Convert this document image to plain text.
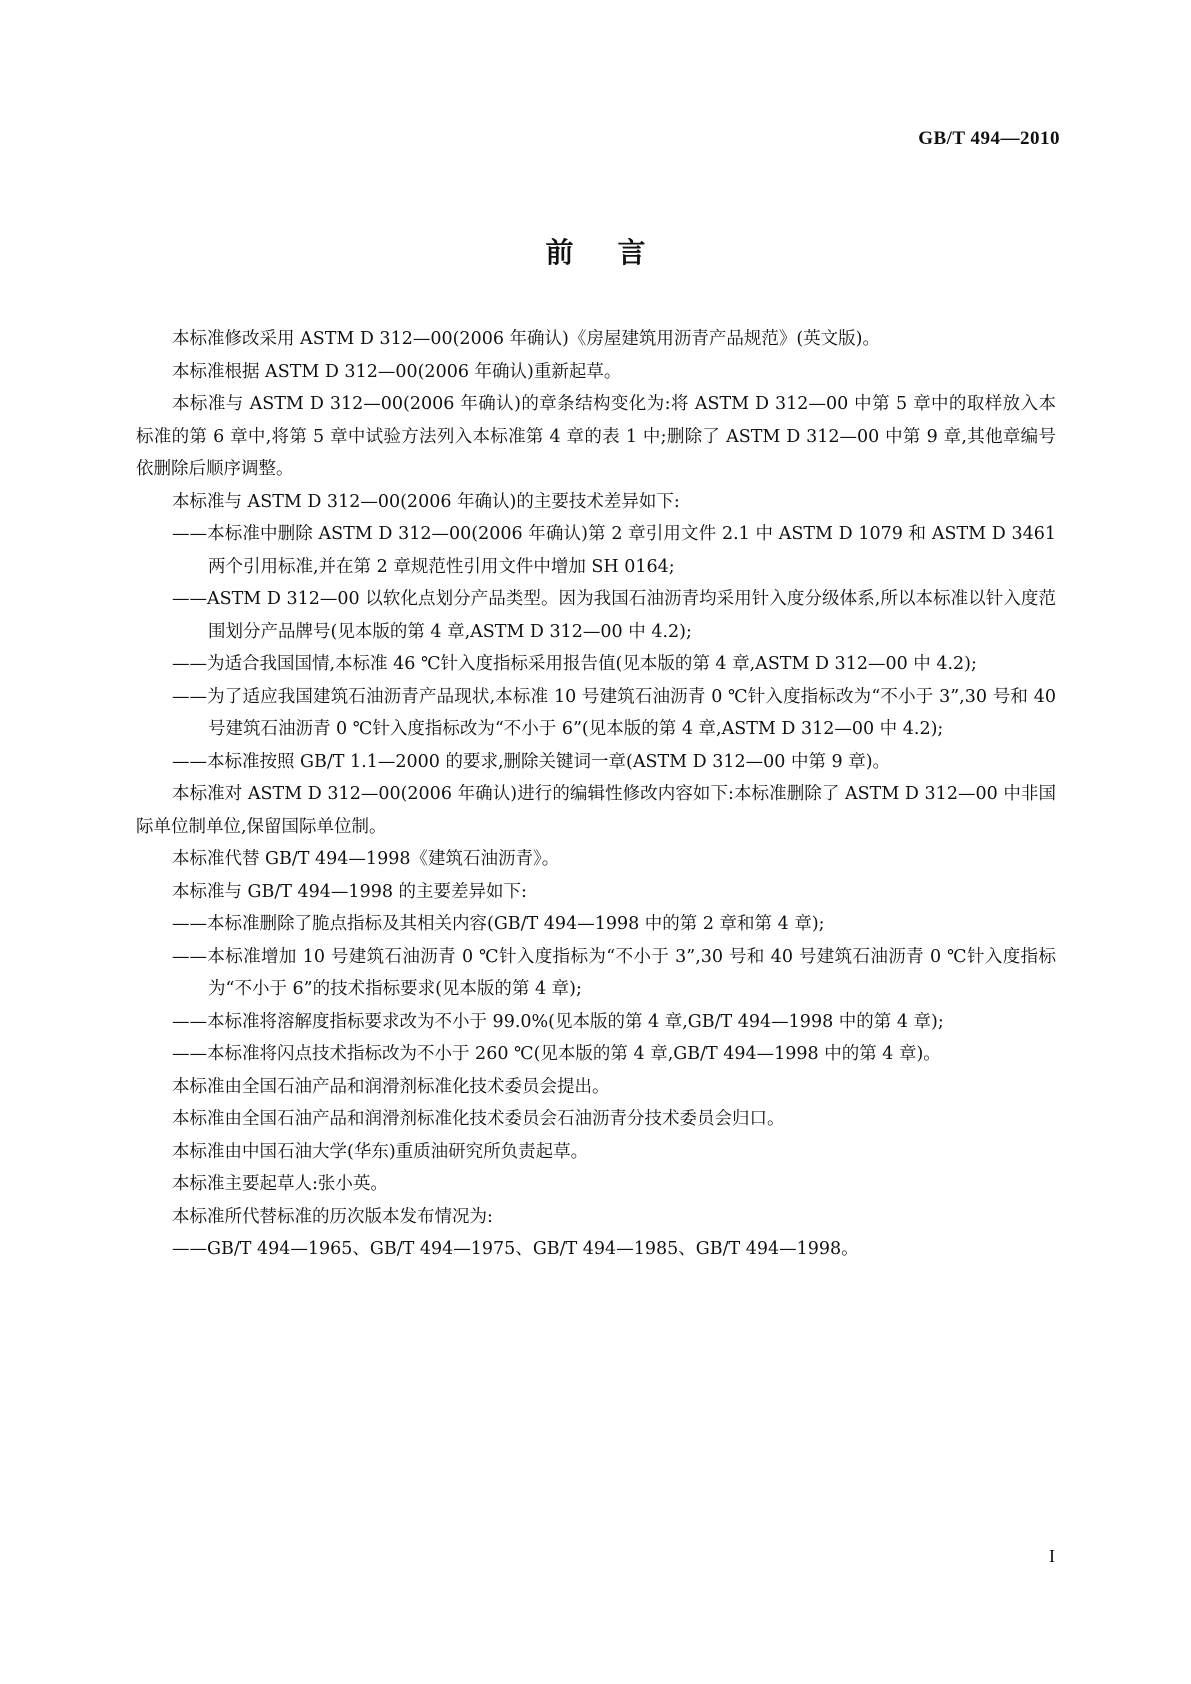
GB/T 494—2010
前言

本标准修改采用 ASTM D 312—00(2006 年确认)《房屋建筑用沥青产品规范》(英文版)。

本标准根据 ASTM D 312—00(2006 年确认)重新起草。

本标准与 ASTM D 312—00(2006 年确认)的章条结构变化为:将 ASTM D 312—00 中第 5 章中的取样放入本标准的第 6 章中,将第 5 章中试验方法列入本标准第 4 章的表 1 中;删除了 ASTM D 312—00 中第 9 章,其他章编号依删除后顺序调整。

本标准与 ASTM D 312—00(2006 年确认)的主要技术差异如下:

——本标准中删除 ASTM D 312—00(2006 年确认)第 2 章引用文件 2.1 中 ASTM D 1079 和 ASTM D 3461 两个引用标准,并在第 2 章规范性引用文件中增加 SH 0164;

——ASTM D 312—00 以软化点划分产品类型。因为我国石油沥青均采用针入度分级体系,所以本标准以针入度范围划分产品牌号(见本版的第 4 章,ASTM D 312—00 中 4.2);

——为适合我国国情,本标准 46 ℃针入度指标采用报告值(见本版的第 4 章,ASTM D 312—00 中 4.2);

——为了适应我国建筑石油沥青产品现状,本标准 10 号建筑石油沥青 0 ℃针入度指标改为“不小于 3”,30 号和 40 号建筑石油沥青 0 ℃针入度指标改为“不小于 6”(见本版的第 4 章,ASTM D 312—00 中 4.2);

——本标准按照 GB/T 1.1—2000 的要求,删除关键词一章(ASTM D 312—00 中第 9 章)。

本标准对 ASTM D 312—00(2006 年确认)进行的编辑性修改内容如下:本标准删除了 ASTM D 312—00 中非国际单位制单位,保留国际单位制。

本标准代替 GB/T 494—1998《建筑石油沥青》。

本标准与 GB/T 494—1998 的主要差异如下:

——本标准删除了脆点指标及其相关内容(GB/T 494—1998 中的第 2 章和第 4 章);

——本标准增加 10 号建筑石油沥青 0 ℃针入度指标为“不小于 3”,30 号和 40 号建筑石油沥青 0 ℃针入度指标为“不小于 6”的技术指标要求(见本版的第 4 章);

——本标准将溶解度指标要求改为不小于 99.0%(见本版的第 4 章,GB/T 494—1998 中的第 4 章);

——本标准将闪点技术指标改为不小于 260 ℃(见本版的第 4 章,GB/T 494—1998 中的第 4 章)。

本标准由全国石油产品和润滑剂标准化技术委员会提出。

本标准由全国石油产品和润滑剂标准化技术委员会石油沥青分技术委员会归口。

本标准由中国石油大学(华东)重质油研究所负责起草。

本标准主要起草人:张小英。

本标准所代替标准的历次版本发布情况为:

——GB/T 494—1965、GB/T 494—1975、GB/T 494—1985、GB/T 494—1998。

I
